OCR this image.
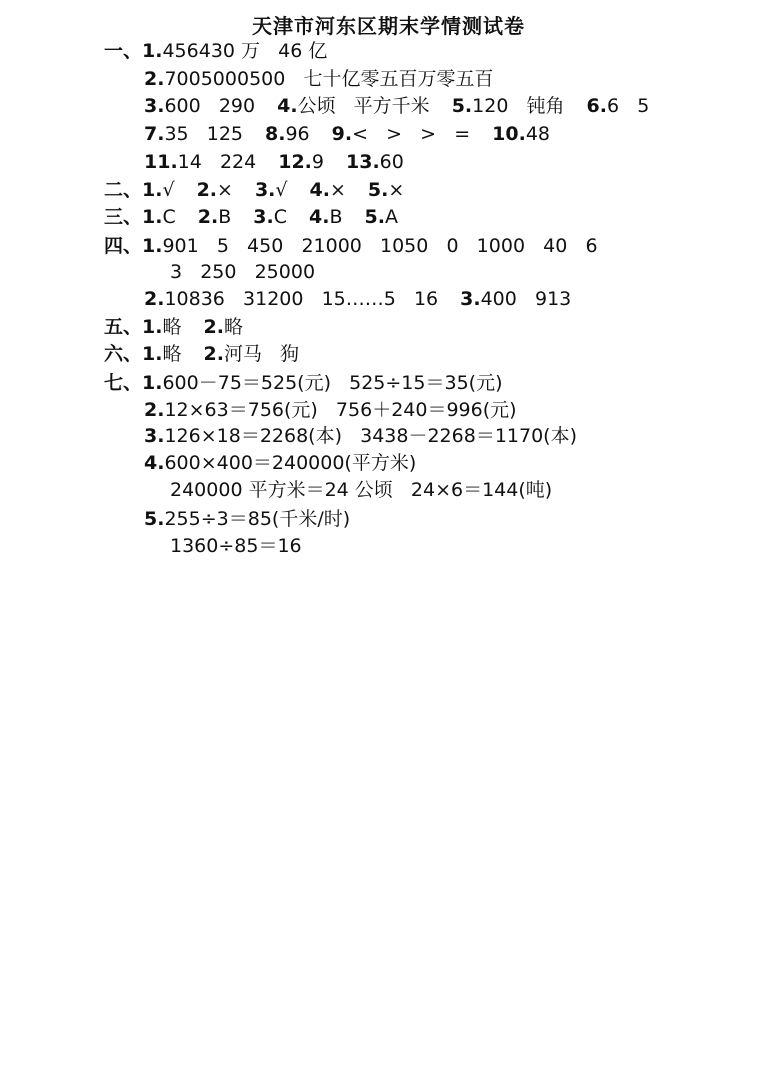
天津市河东区期末学情测试卷
一、1.456430 万   46 亿
2.7005000500   七十亿零五百万零五百
3.600   290 4.公顷   平方千米 5.120   钝角 6.6   5
7.35   125 8.96 9.<   >   >   = 10.48
11.14   224 12.9 13.60
二、1.√ 2.× 3.√ 4.× 5.×
三、1.C 2.B 3.C 4.B 5.A
四、1.901   5   450   21000   1050   0   1000   40   6
3   250   25000
2.10836   31200   15……5   16 3.400   913
五、1.略 2.略
六、1.略 2.河马   狗
七、1.600－75＝525(元)   525÷15＝35(元)
2.12×63＝756(元)   756＋240＝996(元)
3.126×18＝2268(本)   3438－2268＝1170(本)
4.600×400＝240000(平方米)
240000 平方米＝24 公顷   24×6＝144(吨)
5.255÷3＝85(千米/时)
1360÷85＝16
